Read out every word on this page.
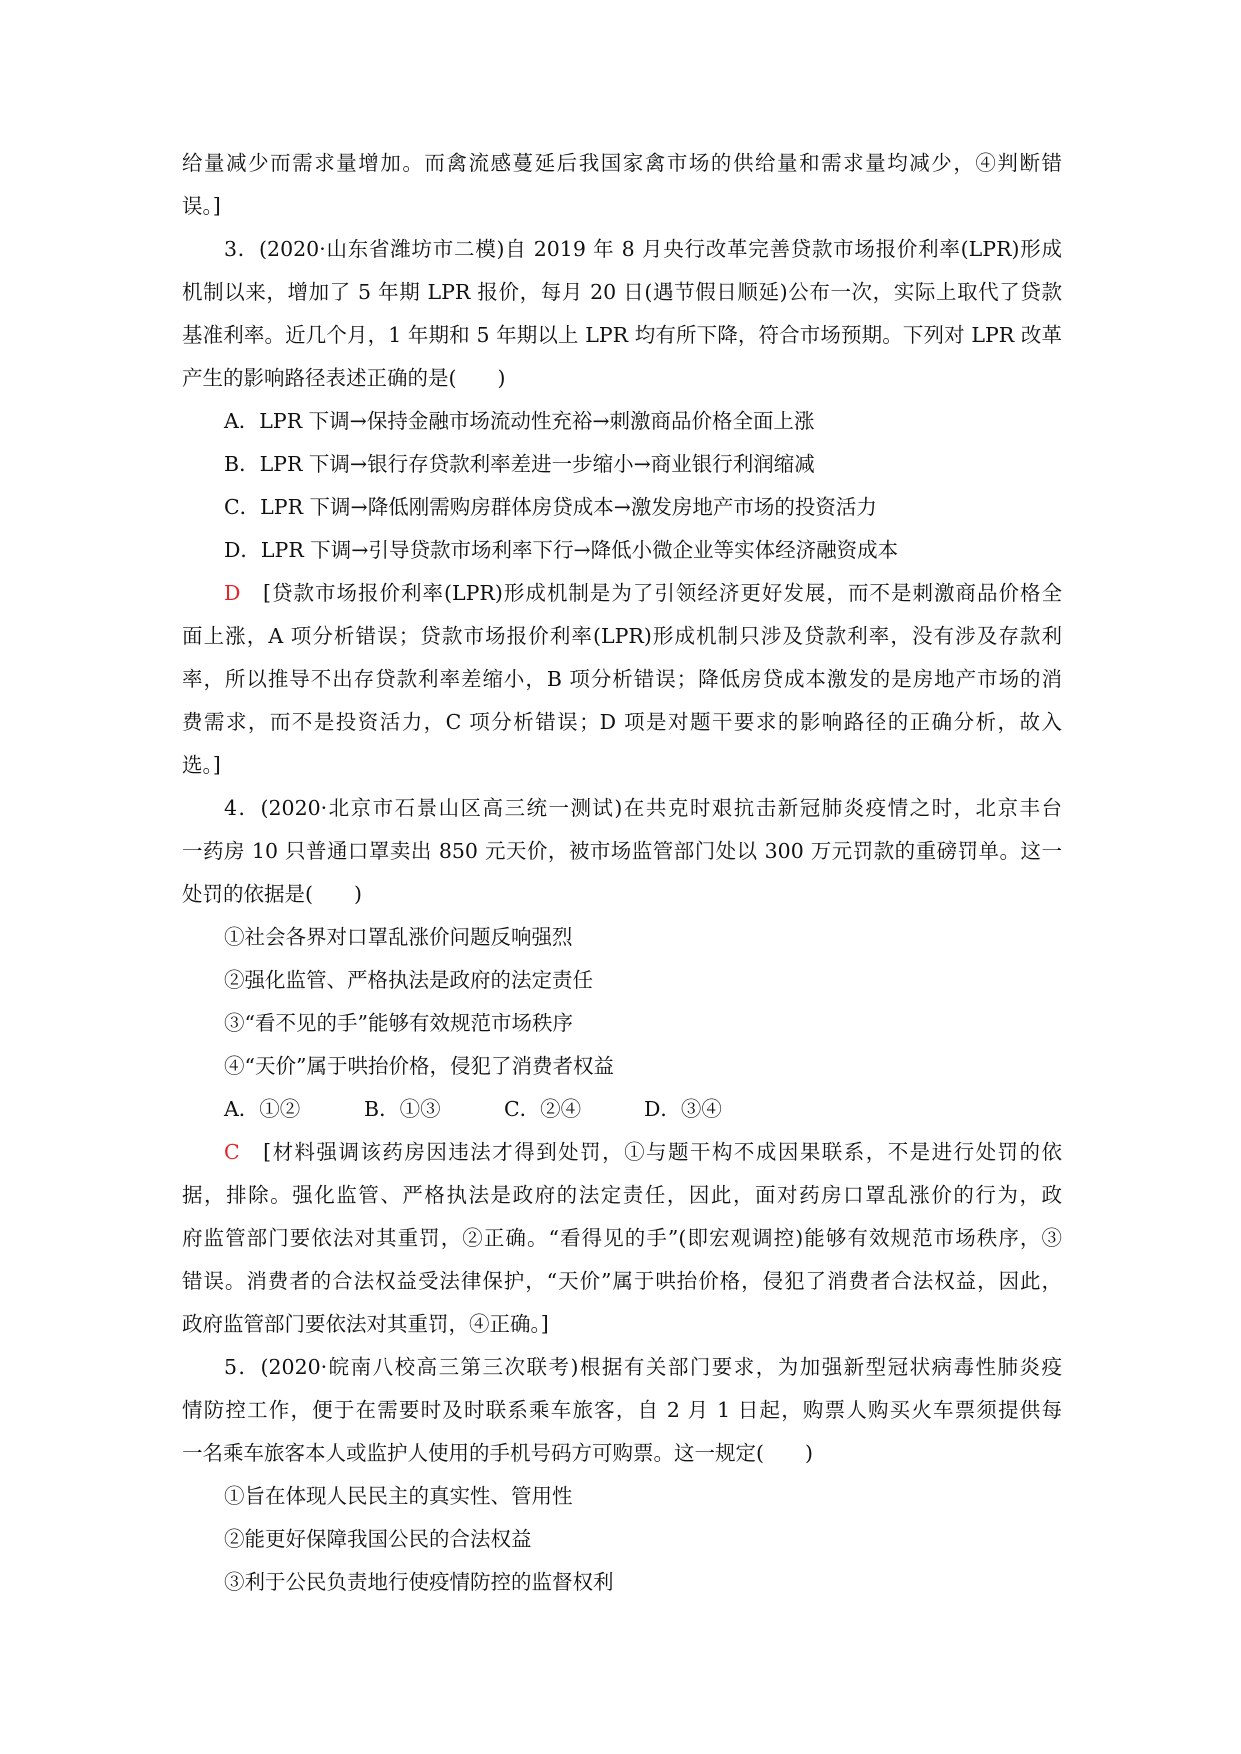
给量减少而需求量增加。而禽流感蔓延后我国家禽市场的供给量和需求量均减少，④判断错
误。]
3．(2020·山东省潍坊市二模)自 2019 年 8 月央行改革完善贷款市场报价利率(LPR)形成
机制以来，增加了 5 年期 LPR 报价，每月 20 日(遇节假日顺延)公布一次，实际上取代了贷款
基准利率。近几个月，1 年期和 5 年期以上 LPR 均有所下降，符合市场预期。下列对 LPR 改革
产生的影响路径表述正确的是(　　)
A．LPR 下调→保持金融市场流动性充裕→刺激商品价格全面上涨
B．LPR 下调→银行存贷款利率差进一步缩小→商业银行利润缩减
C．LPR 下调→降低刚需购房群体房贷成本→激发房地产市场的投资活力
D．LPR 下调→引导贷款市场利率下行→降低小微企业等实体经济融资成本
D　 [贷款市场报价利率(LPR)形成机制是为了引领经济更好发展，而不是刺激商品价格全
面上涨，A 项分析错误；贷款市场报价利率(LPR)形成机制只涉及贷款利率，没有涉及存款利
率，所以推导不出存贷款利率差缩小，B 项分析错误；降低房贷成本激发的是房地产市场的消
费需求，而不是投资活力，C 项分析错误；D 项是对题干要求的影响路径的正确分析，故入
选。]
4．(2020·北京市石景山区高三统一测试)在共克时艰抗击新冠肺炎疫情之时，北京丰台
一药房 10 只普通口罩卖出 850 元天价，被市场监管部门处以 300 万元罚款的重磅罚单。这一
处罚的依据是(　　)
①社会各界对口罩乱涨价问题反响强烈
②强化监管、严格执法是政府的法定责任
③“看不见的手”能够有效规范市场秩序
④“天价”属于哄抬价格，侵犯了消费者权益
A．①②	B．①③	C．②④	D．③④
C　 [材料强调该药房因违法才得到处罚，①与题干构不成因果联系，不是进行处罚的依
据，排除。强化监管、严格执法是政府的法定责任，因此，面对药房口罩乱涨价的行为，政
府监管部门要依法对其重罚，②正确。“看得见的手”(即宏观调控)能够有效规范市场秩序，③
错误。消费者的合法权益受法律保护，“天价”属于哄抬价格，侵犯了消费者合法权益，因此，
政府监管部门要依法对其重罚，④正确。]
5．(2020·皖南八校高三第三次联考)根据有关部门要求，为加强新型冠状病毒性肺炎疫
情防控工作，便于在需要时及时联系乘车旅客，自 2 月 1 日起，购票人购买火车票须提供每
一名乘车旅客本人或监护人使用的手机号码方可购票。这一规定(　　)
①旨在体现人民民主的真实性、管用性
②能更好保障我国公民的合法权益
③利于公民负责地行使疫情防控的监督权利
